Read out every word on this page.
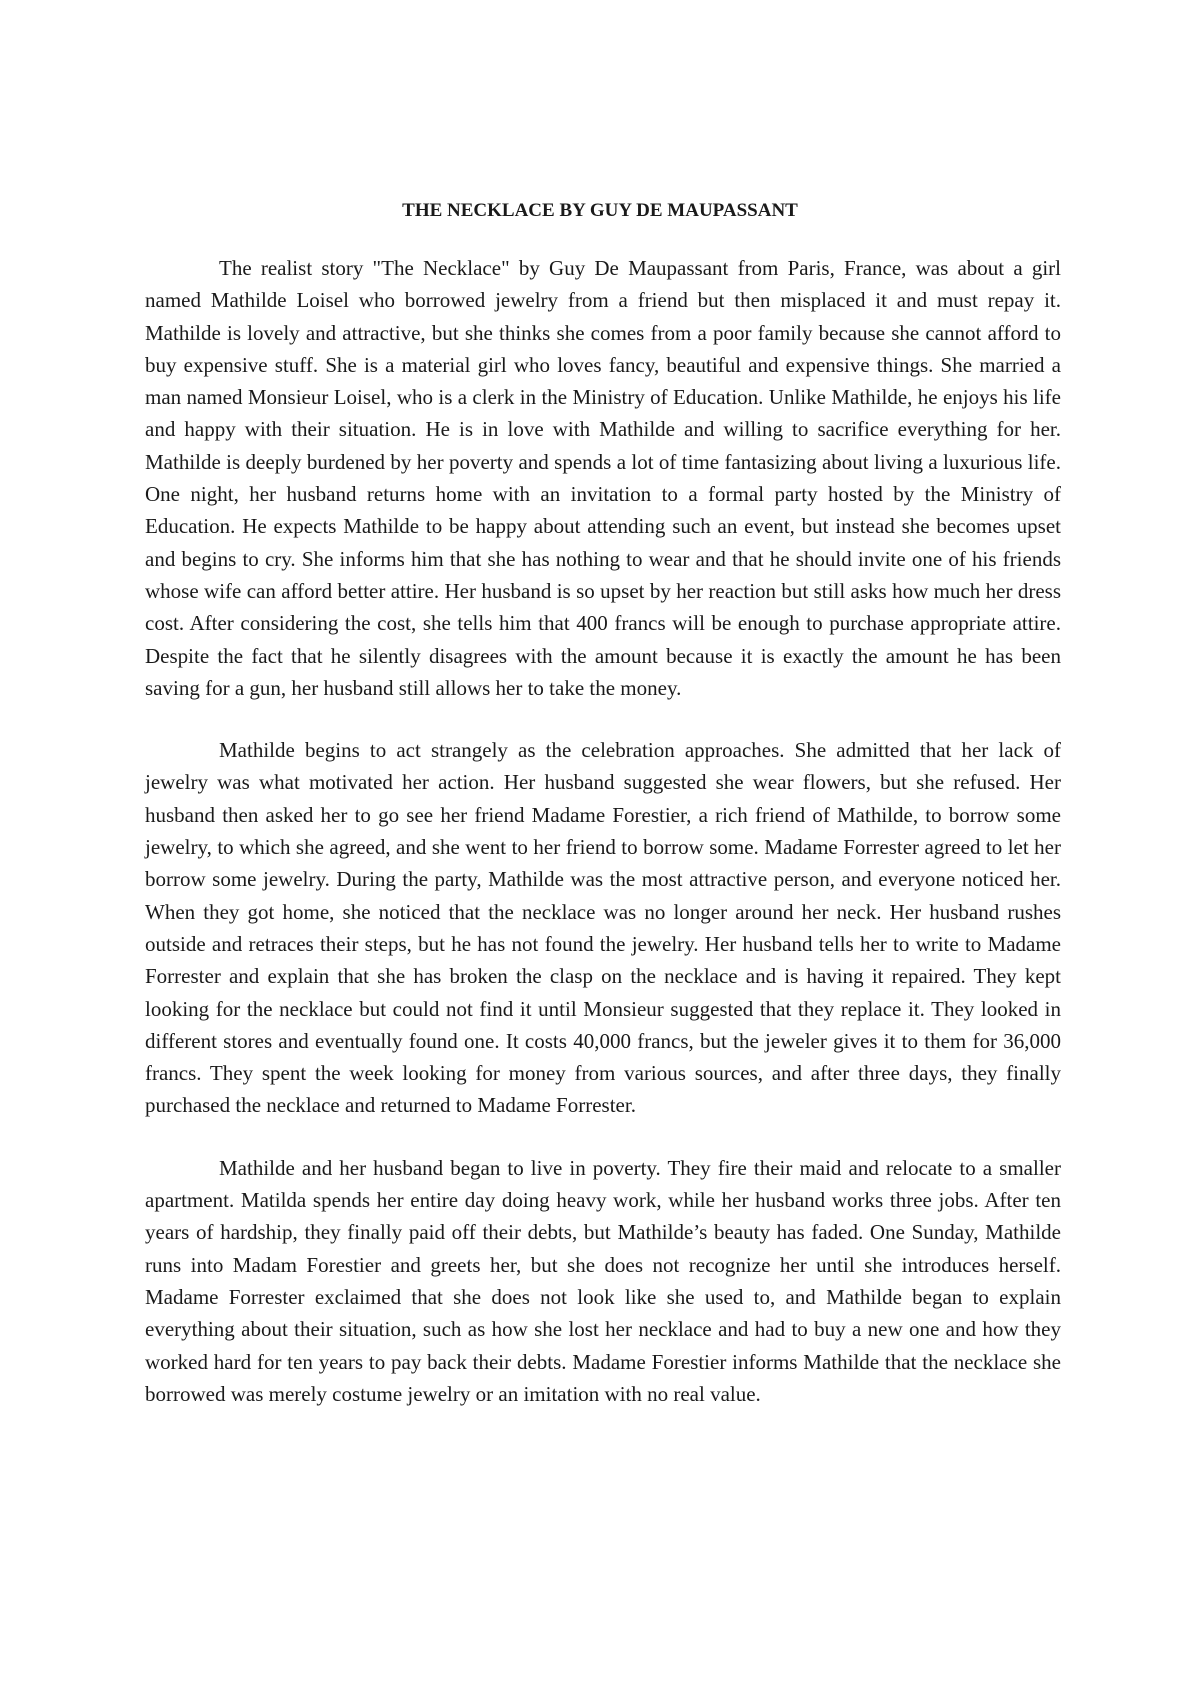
THE NECKLACE BY GUY DE MAUPASSANT

The realist story "The Necklace" by Guy De Maupassant from Paris, France, was about a girl named Mathilde Loisel who borrowed jewelry from a friend but then misplaced it and must repay it. Mathilde is lovely and attractive, but she thinks she comes from a poor family because she cannot afford to buy expensive stuff. She is a material girl who loves fancy, beautiful and expensive things. She married a man named Monsieur Loisel, who is a clerk in the Ministry of Education. Unlike Mathilde, he enjoys his life and happy with their situation. He is in love with Mathilde and willing to sacrifice everything for her. Mathilde is deeply burdened by her poverty and spends a lot of time fantasizing about living a luxurious life. One night, her husband returns home with an invitation to a formal party hosted by the Ministry of Education. He expects Mathilde to be happy about attending such an event, but instead she becomes upset and begins to cry. She informs him that she has nothing to wear and that he should invite one of his friends whose wife can afford better attire. Her husband is so upset by her reaction but still asks how much her dress cost. After considering the cost, she tells him that 400 francs will be enough to purchase appropriate attire. Despite the fact that he silently disagrees with the amount because it is exactly the amount he has been saving for a gun, her husband still allows her to take the money.

Mathilde begins to act strangely as the celebration approaches. She admitted that her lack of jewelry was what motivated her action. Her husband suggested she wear flowers, but she refused. Her husband then asked her to go see her friend Madame Forestier, a rich friend of Mathilde, to borrow some jewelry, to which she agreed, and she went to her friend to borrow some. Madame Forrester agreed to let her borrow some jewelry. During the party, Mathilde was the most attractive person, and everyone noticed her. When they got home, she noticed that the necklace was no longer around her neck. Her husband rushes outside and retraces their steps, but he has not found the jewelry. Her husband tells her to write to Madame Forrester and explain that she has broken the clasp on the necklace and is having it repaired. They kept looking for the necklace but could not find it until Monsieur suggested that they replace it. They looked in different stores and eventually found one. It costs 40,000 francs, but the jeweler gives it to them for 36,000 francs. They spent the week looking for money from various sources, and after three days, they finally purchased the necklace and returned to Madame Forrester.

Mathilde and her husband began to live in poverty. They fire their maid and relocate to a smaller apartment. Matilda spends her entire day doing heavy work, while her husband works three jobs. After ten years of hardship, they finally paid off their debts, but Mathilde’s beauty has faded. One Sunday, Mathilde runs into Madam Forestier and greets her, but she does not recognize her until she introduces herself. Madame Forrester exclaimed that she does not look like she used to, and Mathilde began to explain everything about their situation, such as how she lost her necklace and had to buy a new one and how they worked hard for ten years to pay back their debts. Madame Forestier informs Mathilde that the necklace she borrowed was merely costume jewelry or an imitation with no real value.
